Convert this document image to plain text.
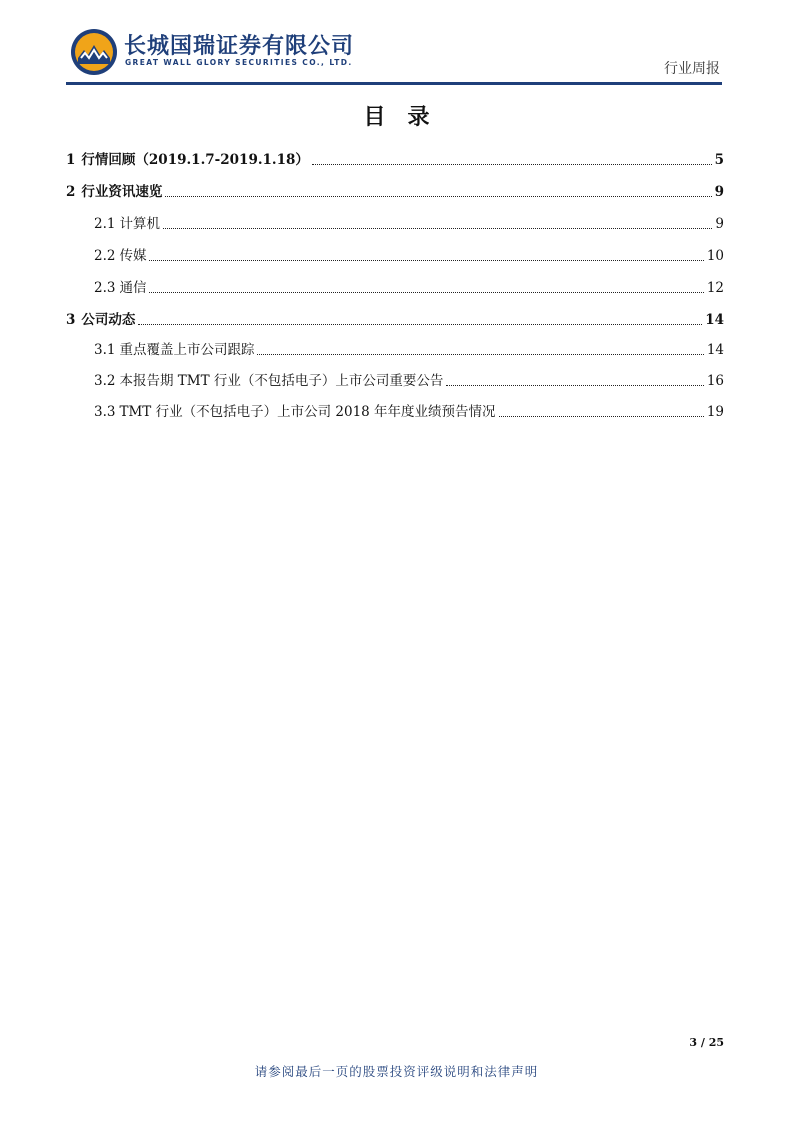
长城国瑞证券有限公司
GREAT WALL GLORY SECURITIES CO., LTD.	行业周报
目录
1 行情回顾（2019.1.7-2019.1.18）	5
2 行业资讯速览	9
2.1 计算机	9
2.2 传媒	10
2.3 通信	12
3 公司动态	14
3.1 重点覆盖上市公司跟踪	14
3.2 本报告期 TMT 行业（不包括电子）上市公司重要公告	16
3.3 TMT 行业（不包括电子）上市公司 2018 年年度业绩预告情况	19
3 / 25
请参阅最后一页的股票投资评级说明和法律声明
